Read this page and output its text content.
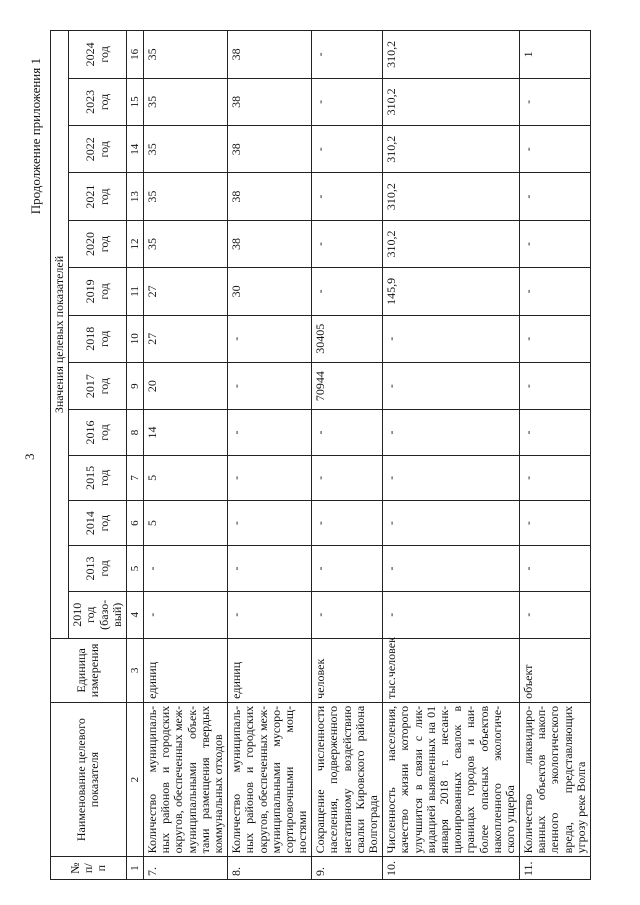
3
Продолжение приложения 1
№ п/п	Наименование целевого показателя	Единица измерения	Значения целевых показателей												
			2010 год (базо- вый)	2013 год	2014 год	2015 год	2016 год	2017 год	2018 год	2019 год	2020 год	2021 год	2022 год	2023 год	2024 год
1	2	3	4	5	6	7	8	9	10	11	12	13	14	15	16
7.	Количество муниципаль- ных районов и городских округов, обеспеченных меж- муниципальными объек- тами размещения твердых коммунальных отходов	единиц	-	-	5	5	14	20	27	27	35	35	35	35	35
8.	Количество муниципаль- ных районов и городских округов, обеспеченных меж- муниципальными мусоро- сортировочными мощ- ностями	единиц	-	-	-	-	-	-	-	30	38	38	38	38	38
9.	Сокращение численности населения, подверженного негативному воздействию свалки Кировского района Волгограда	человек	-	-	-	-	-	70944	30405	-	-	-	-	-	-
10.	Численность населения, качество жизни которого улучшится в связи с лик- видацией выявленных на 01 января 2018 г. несанк- ционированных свалок в границах городов и наи- более опасных объектов накопленного экологиче- ского ущерба	тыс.человек	-	-	-	-	-	-	-	145,9	310,2	310,2	310,2	310,2	310,2
11.	Количество ликвидиро- ванных объектов накоп- ленного экологического вреда, представляющих угрозу реке Волга	объект	-	-	-	-	-	-	-	-	-	-	-	-	1
